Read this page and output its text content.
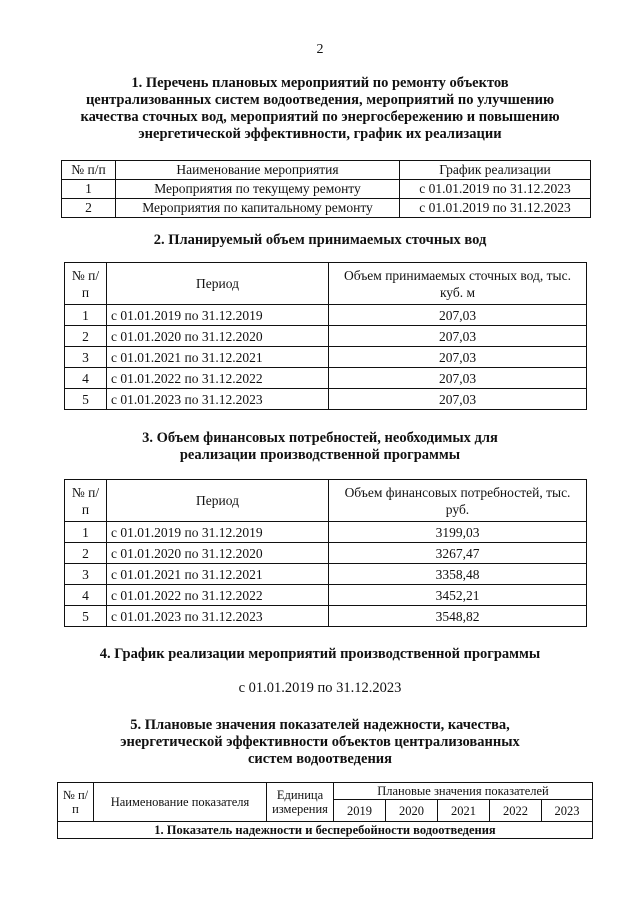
2
1. Перечень плановых мероприятий по ремонту объектов
централизованных систем водоотведения, мероприятий по улучшению
качества сточных вод, мероприятий по энергосбережению и повышению
энергетической эффективности, график их реализации
№ п/п	Наименование мероприятия	График реализации
1	Мероприятия по текущему ремонту	с 01.01.2019 по 31.12.2023
2	Мероприятия по капитальному ремонту	с 01.01.2019 по 31.12.2023
2. Планируемый объем принимаемых сточных вод
№ п/п	Период	Объем принимаемых сточных вод, тыс. куб. м
1	с 01.01.2019 по 31.12.2019	207,03
2	с 01.01.2020 по 31.12.2020	207,03
3	с 01.01.2021 по 31.12.2021	207,03
4	с 01.01.2022 по 31.12.2022	207,03
5	с 01.01.2023 по 31.12.2023	207,03
3. Объем финансовых потребностей, необходимых для
реализации производственной программы
№ п/п	Период	Объем финансовых потребностей, тыс. руб.
1	с 01.01.2019 по 31.12.2019	3199,03
2	с 01.01.2020 по 31.12.2020	3267,47
3	с 01.01.2021 по 31.12.2021	3358,48
4	с 01.01.2022 по 31.12.2022	3452,21
5	с 01.01.2023 по 31.12.2023	3548,82
4. График реализации мероприятий производственной программы
с 01.01.2019 по 31.12.2023
5. Плановые значения показателей надежности, качества,
энергетической эффективности объектов централизованных
систем водоотведения
№ п/п	Наименование показателя	Единица измерения	Плановые значения показателей				
			2019	2020	2021	2022	2023
1. Показатель надежности и бесперебойности водоотведения							
